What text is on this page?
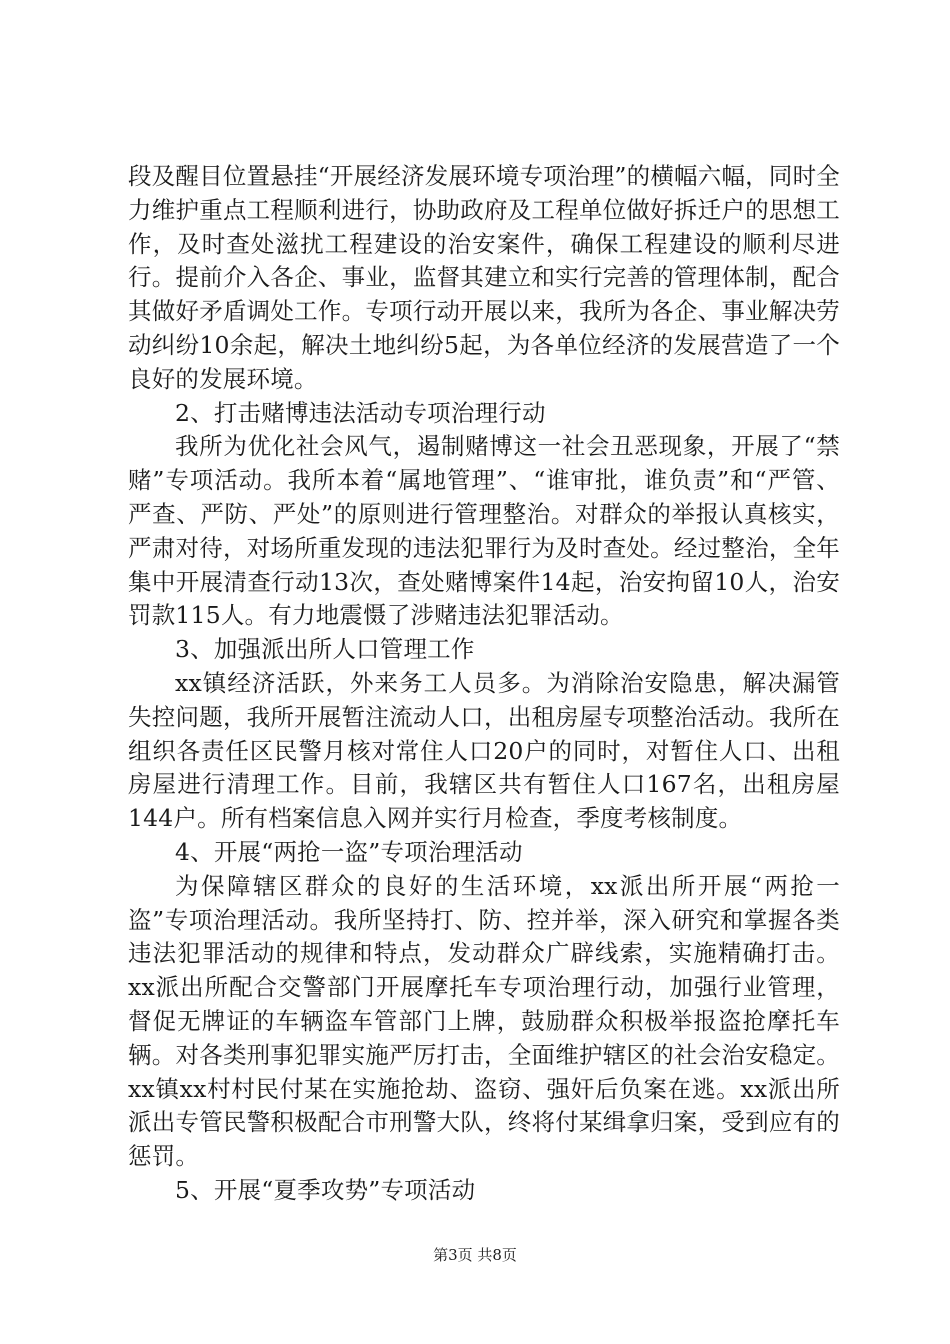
段及醒目位置悬挂“开展经济发展环境专项治理”的横幅六幅，同时全力维护重点工程顺利进行，协助政府及工程单位做好拆迁户的思想工作，及时查处滋扰工程建设的治安案件，确保工程建设的顺利尽进行。提前介入各企、事业，监督其建立和实行完善的管理体制，配合其做好矛盾调处工作。专项行动开展以来，我所为各企、事业解决劳动纠纷10余起，解决土地纠纷5起，为各单位经济的发展营造了一个良好的发展环境。

2、打击赌博违法活动专项治理行动

我所为优化社会风气，遏制赌博这一社会丑恶现象，开展了“禁赌”专项活动。我所本着“属地管理”、“谁审批，谁负责”和“严管、严查、严防、严处”的原则进行管理整治。对群众的举报认真核实，严肃对待，对场所重发现的违法犯罪行为及时查处。经过整治，全年集中开展清查行动13次，查处赌博案件14起，治安拘留10人，治安罚款115人。有力地震慑了涉赌违法犯罪活动。

3、加强派出所人口管理工作

xx镇经济活跃，外来务工人员多。为消除治安隐患，解决漏管失控问题，我所开展暂注流动人口，出租房屋专项整治活动。我所在组织各责任区民警月核对常住人口20户的同时，对暂住人口、出租房屋进行清理工作。目前，我辖区共有暂住人口167名，出租房屋144户。所有档案信息入网并实行月检查，季度考核制度。

4、开展“两抢一盗”专项治理活动

为保障辖区群众的良好的生活环境，xx派出所开展“两抢一盗”专项治理活动。我所坚持打、防、控并举，深入研究和掌握各类违法犯罪活动的规律和特点，发动群众广辟线索，实施精确打击。xx派出所配合交警部门开展摩托车专项治理行动，加强行业管理，督促无牌证的车辆盗车管部门上牌，鼓励群众积极举报盗抢摩托车辆。对各类刑事犯罪实施严厉打击，全面维护辖区的社会治安稳定。xx镇xx村村民付某在实施抢劫、盗窃、强奸后负案在逃。xx派出所派出专管民警积极配合市刑警大队，终将付某缉拿归案，受到应有的惩罚。

5、开展“夏季攻势”专项活动

第3页 共8页
